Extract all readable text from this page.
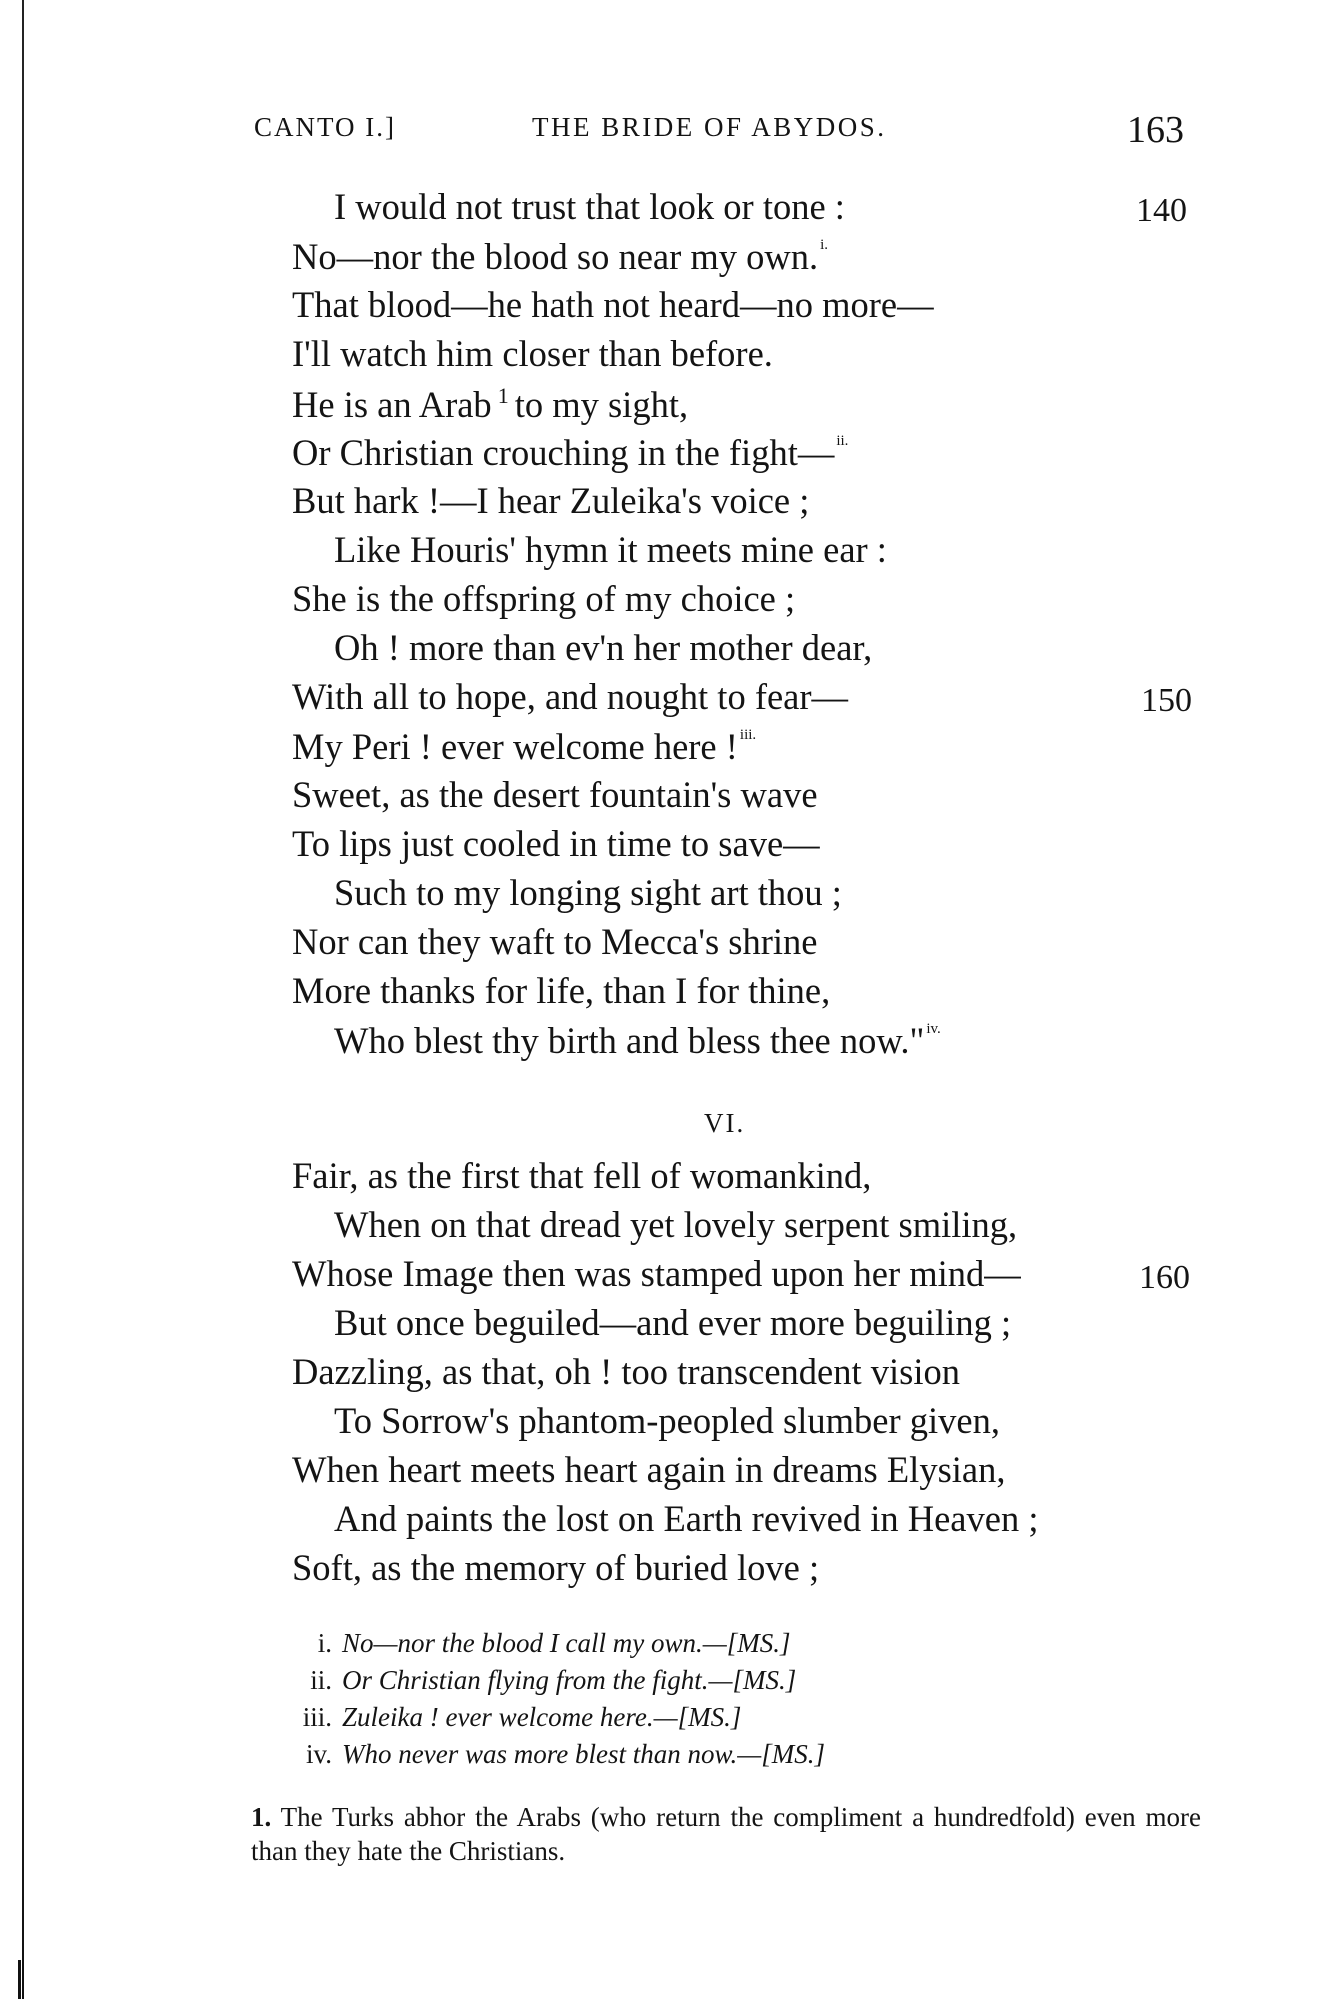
CANTO I.]	THE BRIDE OF ABYDOS.	163
I would not trust that look or tone :	140
No—nor the blood so near my own. $^{i.}$
That blood—he hath not heard—no more—
I'll watch him closer than before.
He is an Arab $^1$ to my sight,
Or Christian crouching in the fight— $^{ii.}$
But hark !—I hear Zuleika's voice ;
Like Houris' hymn it meets mine ear :
She is the offspring of my choice ;
Oh ! more than ev'n her mother dear,
With all to hope, and nought to fear—	150
My Peri ! ever welcome here ! $^{iii.}$
Sweet, as the desert fountain's wave
To lips just cooled in time to save—
Such to my longing sight art thou ;
Nor can they waft to Mecca's shrine
More thanks for life, than I for thine,
Who blest thy birth and bless thee now." $^{iv.}$
VI.
Fair, as the first that fell of womankind,
When on that dread yet lovely serpent smiling,
Whose Image then was stamped upon her mind—	160
But once beguiled—and ever more beguiling ;
Dazzling, as that, oh ! too transcendent vision
To Sorrow's phantom-peopled slumber given,
When heart meets heart again in dreams Elysian,
And paints the lost on Earth revived in Heaven ;
Soft, as the memory of buried love ;
i. No—nor the blood I call my own.—[MS.]
ii. Or Christian flying from the fight.—[MS.]
iii. Zuleika ! ever welcome here.—[MS.]
iv. Who never was more blest than now.—[MS.]
1. The Turks abhor the Arabs (who return the compliment a hundredfold) even more than they hate the Christians.
